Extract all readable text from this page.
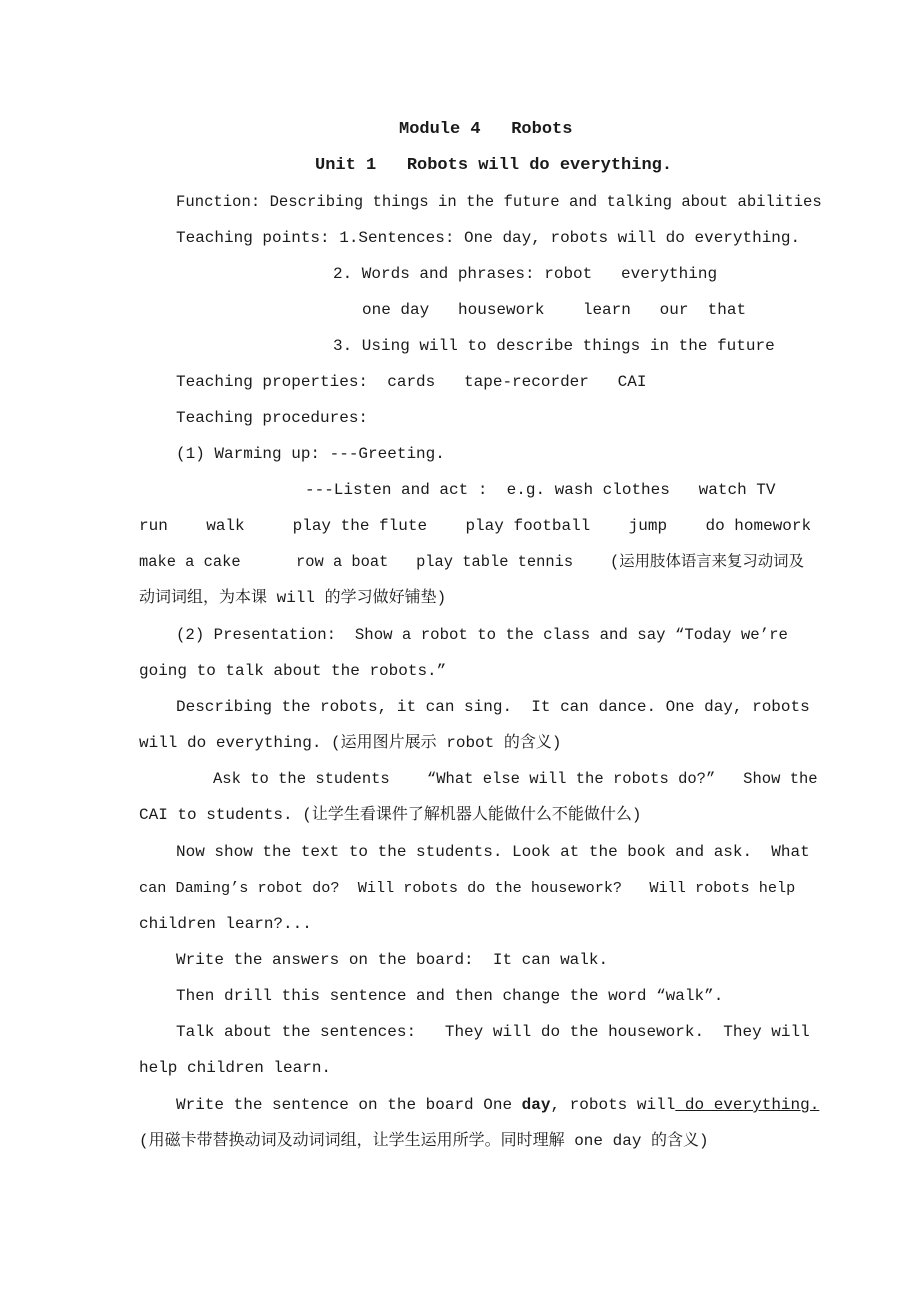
Module 4   Robots
Unit 1   Robots will do everything.
Function: Describing things in the future and talking about abilities
Teaching points: 1.Sentences: One day, robots will do everything.
2. Words and phrases: robot   everything
one day   housework    learn   our  that
3. Using will to describe things in the future
Teaching properties:  cards   tape-recorder   CAI
Teaching procedures:
(1) Warming up: ---Greeting.
---Listen and act :  e.g. wash clothes   watch TV
run    walk     play the flute    play football    jump    do homework
make a cake      row a boat   play table tennis    (运用肢体语言来复习动词及
动词词组，为本课 will 的学习做好铺垫)
(2) Presentation:  Show a robot to the class and say “Today we’re
going to talk about the robots.”
Describing the robots, it can sing.  It can dance. One day, robots
will do everything. (运用图片展示 robot 的含义)
Ask to the students    “What else will the robots do?”   Show the
CAI to students. (让学生看课件了解机器人能做什么不能做什么)
Now show the text to the students. Look at the book and ask.  What
can Daming’s robot do?  Will robots do the housework?   Will robots help
children learn?...
Write the answers on the board:  It can walk.
Then drill this sentence and then change the word “walk”.
Talk about the sentences:   They will do the housework.  They will
help children learn.
Write the sentence on the board One day, robots will do everything.
(用磁卡带替换动词及动词词组，让学生运用所学。同时理解 one day 的含义)
